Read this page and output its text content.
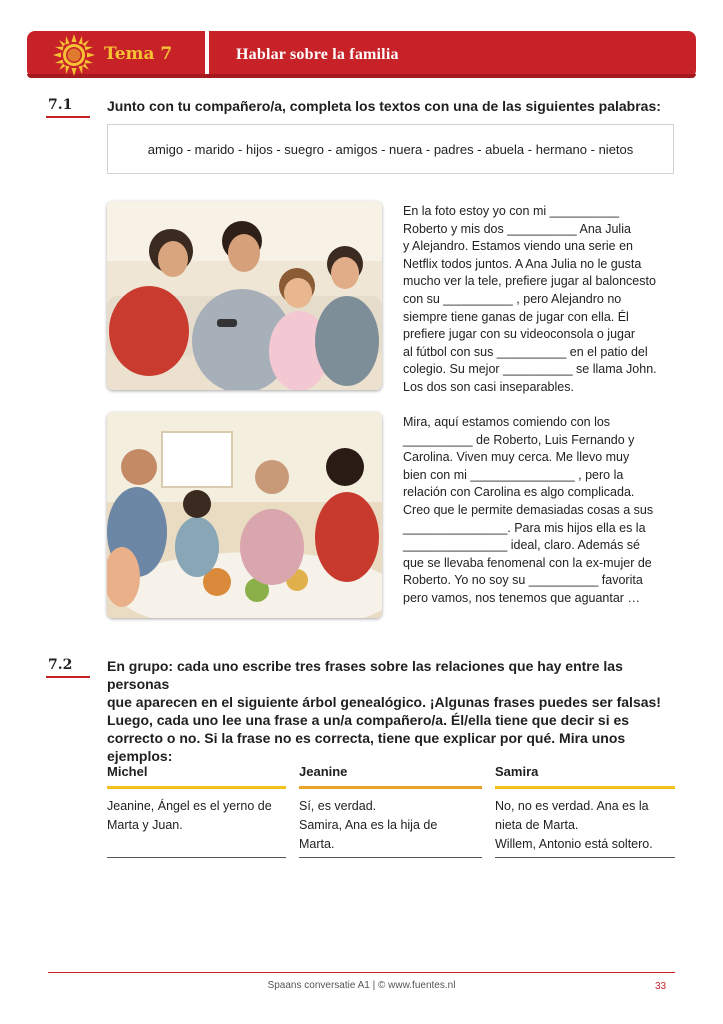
Tema 7	Hablar sobre la familia
7.1 Junto con tu compañero/a, completa los textos con una de las siguientes palabras:
amigo - marido - hijos - suegro - amigos - nuera - padres - abuela - hermano - nietos
En la foto estoy yo con mi __________
Roberto y mis dos __________ Ana Julia
y Alejandro. Estamos viendo una serie en
Netflix todos juntos. A Ana Julia no le gusta
mucho ver la tele, prefiere jugar al baloncesto
con su __________ , pero Alejandro no
siempre tiene ganas de jugar con ella. Él
prefiere jugar con su videoconsola o jugar
al fútbol con sus __________ en el patio del
colegio. Su mejor __________ se llama John.
Los dos son casi inseparables.
Mira, aquí estamos comiendo con los
__________ de Roberto, Luis Fernando y
Carolina. Viven muy cerca. Me llevo muy
bien con mi _______________ , pero la
relación con Carolina es algo complicada.
Creo que le permite demasiadas cosas a sus
_______________. Para mis hijos ella es la
_______________ ideal, claro. Además sé
que se llevaba fenomenal con la ex-mujer de
Roberto. Yo no soy su __________ favorita
pero vamos, nos tenemos que aguantar …
7.2 En grupo: cada uno escribe tres frases sobre las relaciones que hay entre las personas
que aparecen en el siguiente árbol genealógico. ¡Algunas frases puedes ser falsas!
Luego, cada uno lee una frase a un/a compañero/a. Él/ella tiene que decir si es
correcto o no. Si la frase no es correcta, tiene que explicar por qué. Mira unos
ejemplos:
Michel
Jeanine, Ángel es el yerno de
Marta y Juan.
Jeanine
Sí, es verdad.
Samira, Ana es la hija de
Marta.
Samira
No, no es verdad. Ana es la
nieta de Marta.
Willem, Antonio está soltero.
Spaans conversatie A1 | © www.fuentes.nl	33
